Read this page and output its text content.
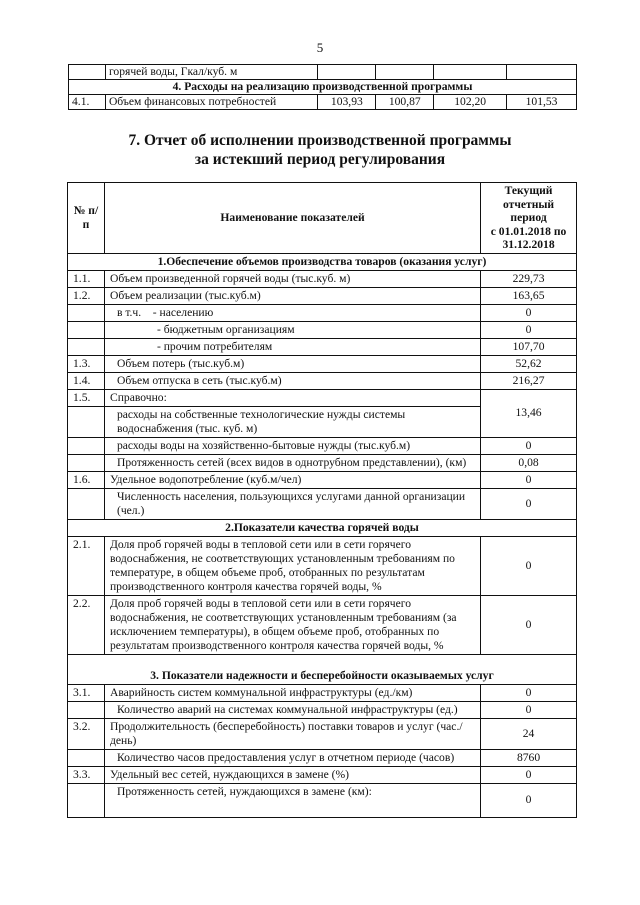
5
	горячей воды, Гкал/куб. м				
4. Расходы на реализацию производственной программы					
4.1.	Объем финансовых потребностей	103,93	100,87	102,20	101,53
7. Отчет об исполнении производственной программы
за истекший период регулирования
№ п/п	Наименование показателей	Текущий
отчетный период
с 01.01.2018 по
31.12.2018
1.Обеспечение объемов производства товаров (оказания услуг)		
1.1.	Объем произведенной горячей воды (тыс.куб. м)	229,73
1.2.	Объем реализации (тыс.куб.м)	163,65
	в т.ч.    - населению	0
	- бюджетным организациям	0
	- прочим потребителям	107,70
1.3.	Объем потерь (тыс.куб.м)	52,62
1.4.	Объем отпуска в сеть (тыс.куб.м)	216,27
1.5.	Справочно:	13,46
	расходы на собственные технологические нужды системы водоснабжения (тыс. куб. м)	
	расходы воды на хозяйственно-бытовые нужды (тыс.куб.м)	0
	Протяженность сетей (всех видов в однотрубном представлении), (км)	0,08
1.6.	Удельное водопотребление (куб.м/чел)	0
	Численность населения, пользующихся услугами данной организации (чел.)	0
2.Показатели качества горячей воды		
2.1.	Доля проб горячей воды в тепловой сети или в сети горячего водоснабжения, не соответствующих установленным требованиям по температуре, в общем объеме проб, отобранных по результатам производственного контроля качества горячей воды, %	0
2.2.	Доля проб горячей воды в тепловой сети или в сети горячего водоснабжения, не соответствующих установленным требованиям (за исключением температуры), в общем объеме проб, отобранных по результатам производственного контроля качества горячей воды, %	0
3. Показатели надежности и бесперебойности оказываемых услуг		
3.1.	Аварийность систем коммунальной инфраструктуры (ед./км)	0
	Количество аварий на системах коммунальной инфраструктуры (ед.)	0
3.2.	Продолжительность (бесперебойность) поставки товаров и услуг (час./день)	24
	Количество часов предоставления услуг в отчетном периоде (часов)	8760
3.3.	Удельный вес сетей, нуждающихся в замене (%)	0
	Протяженность сетей, нуждающихся в замене (км):	0
